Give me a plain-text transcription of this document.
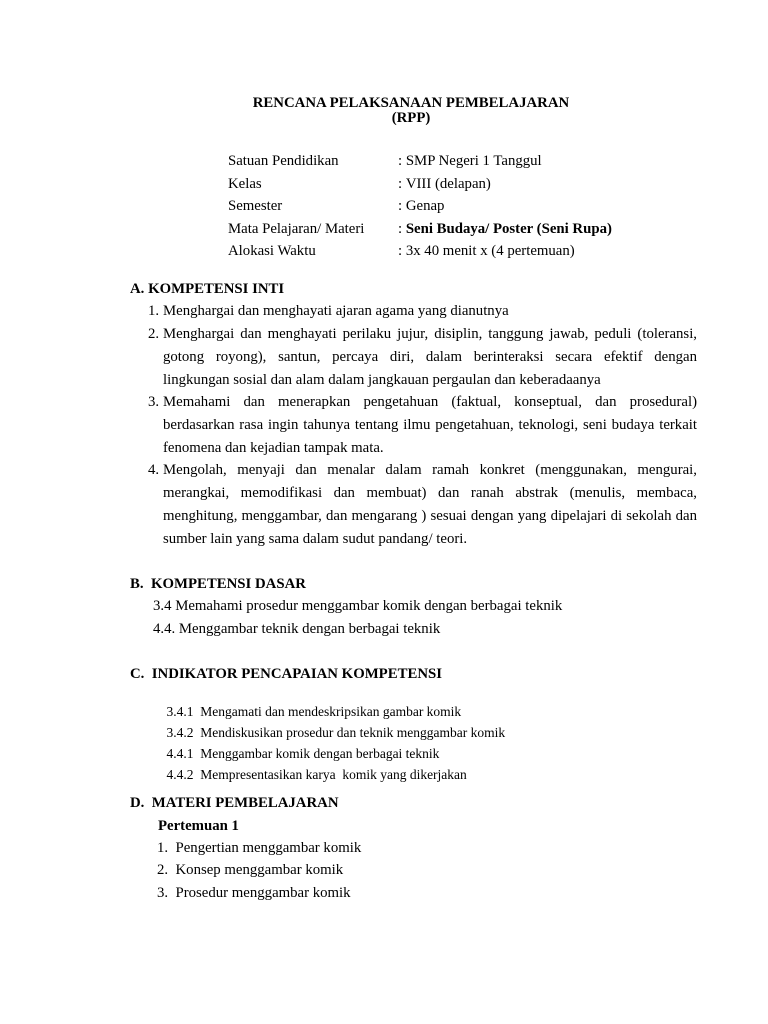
RENCANA PELAKSANAAN PEMBELAJARAN
(RPP)
Satuan Pendidikan	: SMP Negeri 1 Tanggul
Kelas	: VIII (delapan)
Semester	: Genap
Mata Pelajaran/ Materi : Seni Budaya/ Poster (Seni Rupa)
Alokasi Waktu	: 3x 40 menit x (4 pertemuan)
A. KOMPETENSI INTI
1. Menghargai dan menghayati ajaran agama yang dianutnya
2. Menghargai dan menghayati perilaku jujur, disiplin, tanggung jawab, peduli (toleransi,
gotong royong), santun, percaya diri, dalam berinteraksi secara efektif dengan
lingkungan sosial dan alam dalam jangkauan pergaulan dan keberadaanya
3. Memahami dan menerapkan pengetahuan (faktual, konseptual, dan prosedural)
berdasarkan rasa ingin tahunya tentang ilmu pengetahuan, teknologi, seni budaya terkait
fenomena dan kejadian tampak mata.
4. Mengolah, menyaji dan menalar dalam ramah konkret (menggunakan, mengurai,
merangkai, memodifikasi dan membuat) dan ranah abstrak (menulis, membaca,
menghitung, menggambar, dan mengarang ) sesuai dengan yang dipelajari di sekolah dan
sumber lain yang sama dalam sudut pandang/ teori.
B.  KOMPETENSI DASAR
3.4 Memahami prosedur menggambar komik dengan berbagai teknik
4.4. Menggambar teknik dengan berbagai teknik
C.  INDIKATOR PENCAPAIAN KOMPETENSI

3.4.1 Mengamati dan mendeskripsikan gambar komik

3.4.2 Mendiskusikan prosedur dan teknik menggambar komik

4.4.1 Menggambar komik dengan berbagai teknik

4.4.2 Mempresentasikan karya  komik yang dikerjakan

D.  MATERI PEMBELAJARAN
Pertemuan 1
1.  Pengertian menggambar komik
2.  Konsep menggambar komik
3.  Prosedur menggambar komik
